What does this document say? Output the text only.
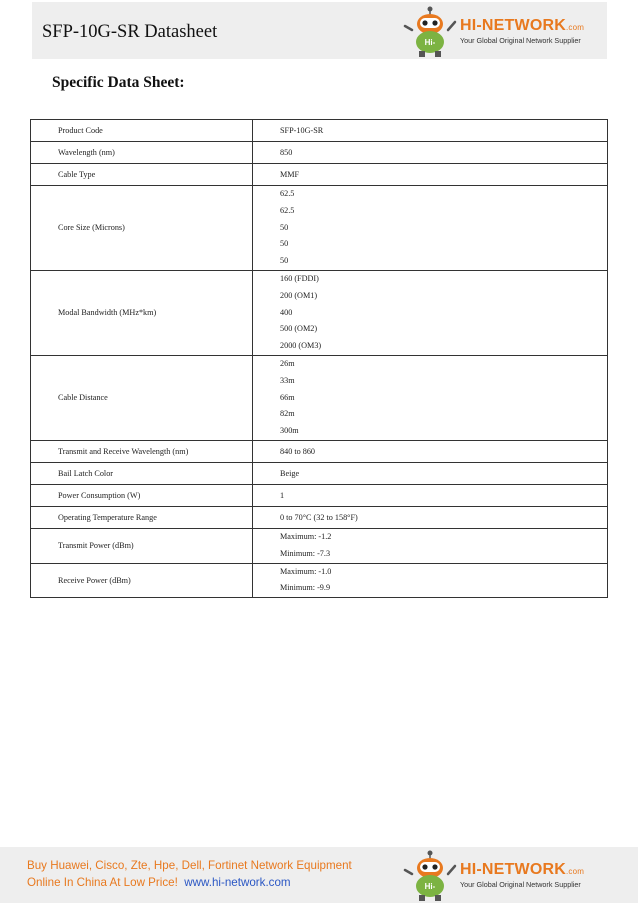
SFP-10G-SR Datasheet
Hi-
HI-NETWORK.com
Your Global Original Network Supplier
Specific Data Sheet:
Product Code	SFP-10G-SR

Wavelength (nm)	850

Cable Type	MMF

Core Size (Microns)	62.5
62.5
50
50
50

Modal Bandwidth (MHz*km)	160 (FDDI)
200 (OM1)
400
500 (OM2)
2000 (OM3)

Cable Distance	26m
33m
66m
82m
300m

Transmit and Receive Wavelength (nm)	840 to 860

Bail Latch Color	Beige

Power Consumption (W)	1

Operating Temperature Range	0 to 70°C (32 to 158°F)

Transmit Power (dBm)	Maximum: -1.2
Minimum: -7.3

Receive Power (dBm)	Maximum: -1.0
Minimum: -9.9
Buy Huawei, Cisco, Zte, Hpe, Dell, Fortinet Network Equipment
Online In China At Low Price! www.hi-network.com	Hi-
HI-NETWORK.com
Your Global Original Network Supplier
